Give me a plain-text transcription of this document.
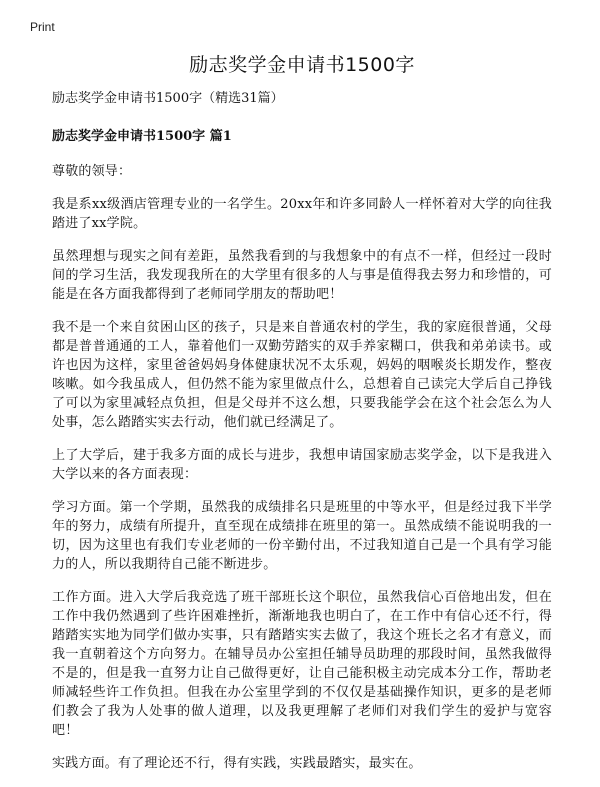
Print
励志奖学金申请书1500字

励志奖学金申请书1500字（精选31篇）

励志奖学金申请书1500字 篇1

尊敬的领导：

我是系xx级酒店管理专业的一名学生。20xx年和许多同龄人一样怀着对大学的向往我踏进了xx学院。

虽然理想与现实之间有差距，虽然我看到的与我想象中的有点不一样，但经过一段时间的学习生活，我发现我所在的大学里有很多的人与事是值得我去努力和珍惜的，可能是在各方面我都得到了老师同学朋友的帮助吧！

我不是一个来自贫困山区的孩子，只是来自普通农村的学生，我的家庭很普通，父母都是普普通通的工人，靠着他们一双勤劳踏实的双手养家糊口，供我和弟弟读书。或许也因为这样，家里爸爸妈妈身体健康状况不太乐观，妈妈的咽喉炎长期发作，整夜咳嗽。如今我虽成人，但仍然不能为家里做点什么，总想着自己读完大学后自己挣钱了可以为家里减轻点负担，但是父母并不这么想，只要我能学会在这个社会怎么为人处事，怎么踏踏实实去行动，他们就已经满足了。

上了大学后，建于我多方面的成长与进步，我想申请国家励志奖学金，以下是我进入大学以来的各方面表现：

学习方面。第一个学期，虽然我的成绩排名只是班里的中等水平，但是经过我下半学年的努力，成绩有所提升，直至现在成绩排在班里的第一。虽然成绩不能说明我的一切，因为这里也有我们专业老师的一份辛勤付出，不过我知道自己是一个具有学习能力的人，所以我期待自己能不断进步。

工作方面。进入大学后我竞选了班干部班长这个职位，虽然我信心百倍地出发，但在工作中我仍然遇到了些许困难挫折，渐渐地我也明白了，在工作中有信心还不行，得踏踏实实地为同学们做办实事，只有踏踏实实去做了，我这个班长之名才有意义，而我一直朝着这个方向努力。在辅导员办公室担任辅导员助理的那段时间，虽然我做得不是的，但是我一直努力让自己做得更好，让自己能积极主动完成本分工作，帮助老师减轻些许工作负担。但我在办公室里学到的不仅仅是基础操作知识，更多的是老师们教会了我为人处事的做人道理，以及我更理解了老师们对我们学生的爱护与宽容吧！

实践方面。有了理论还不行，得有实践，实践最踏实，最实在。
